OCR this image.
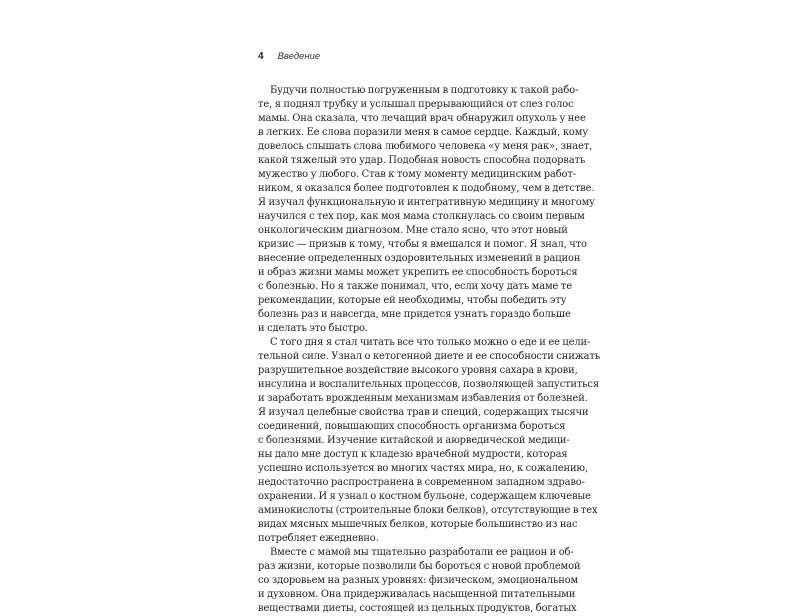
4 Введение
Будучи полностью погруженным в подготовку к такой рабо-
те, я поднял трубку и услышал прерывающийся от слез голос
мамы. Она сказала, что лечащий врач обнаружил опухоль у нее
в легких. Ее слова поразили меня в самое сердце. Каждый, кому
довелось слышать слова любимого человека «у меня рак», знает,
какой тяжелый это удар. Подобная новость способна подорвать
мужество у любого. Став к тому моменту медицинским работ-
ником, я оказался более подготовлен к подобному, чем в детстве.
Я изучал функциональную и интегративную медицину и многому
научился с тех пор, как моя мама столкнулась со своим первым
онкологическим диагнозом. Мне стало ясно, что этот новый
кризис — призыв к тому, чтобы я вмешался и помог. Я знал, что
внесение определенных оздоровительных изменений в рацион
и образ жизни мамы может укрепить ее способность бороться
с болезнью. Но я также понимал, что, если хочу дать маме те
рекомендации, которые ей необходимы, чтобы победить эту
болезнь раз и навсегда, мне придется узнать гораздо больше
и сделать это быстро.
С того дня я стал читать все что только можно о еде и ее цели-
тельной силе. Узнал о кетогенной диете и ее способности снижать
разрушительное воздействие высокого уровня сахара в крови,
инсулина и воспалительных процессов, позволяющей запуститься
и заработать врожденным механизмам избавления от болезней.
Я изучал целебные свойства трав и специй, содержащих тысячи
соединений, повышающих способность организма бороться
с болезнями. Изучение китайской и аюрведической медици-
ны дало мне доступ к кладезю врачебной мудрости, которая
успешно используется во многих частях мира, но, к сожалению,
недостаточно распространена в современном западном здраво-
охранении. И я узнал о костном бульоне, содержащем ключевые
аминокислоты (строительные блоки белков), отсутствующие в тех
видах мясных мышечных белков, которые большинство из нас
потребляет ежедневно.
Вместе с мамой мы тщательно разработали ее рацион и об-
раз жизни, которые позволили бы бороться с новой проблемой
со здоровьем на разных уровнях: физическом, эмоциональном
и духовном. Она придерживалась насыщенной питательными
веществами диеты, состоящей из цельных продуктов, богатых
